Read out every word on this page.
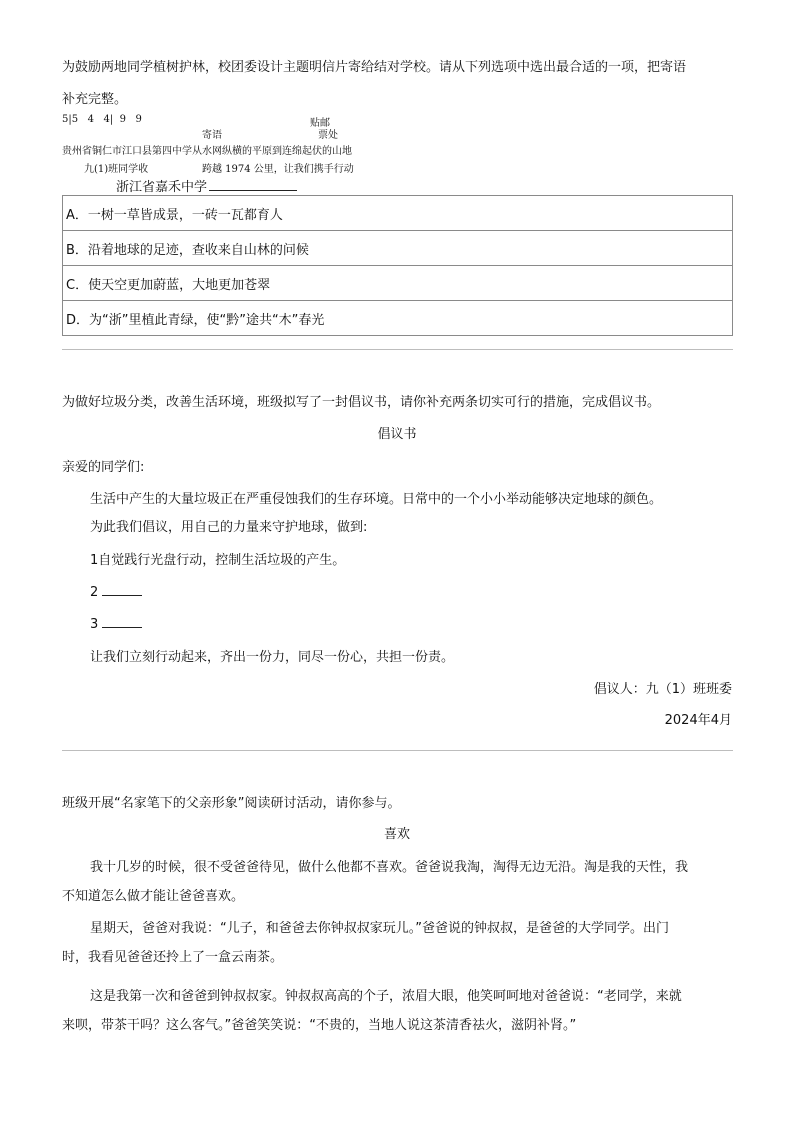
为鼓励两地同学植树护林，校团委设计主题明信片寄给结对学校。请从下列选项中选出最合适的一项，把寄语
补充完整。
5|5   4   4|  9   9	贴邮
寄语	票处
贵州省铜仁市江口县第四中学从水网纵横的平原到连绵起伏的山地
九(1)班同学收	跨越 1974 公里，让我们携手行动
浙江省嘉禾中学
A．一树一草皆成景，一砖一瓦都育人
B．沿着地球的足迹，查收来自山林的问候
C．使天空更加蔚蓝，大地更加苍翠
D．为“浙”里植此青绿，使“黔”途共“木”春光
为做好垃圾分类，改善生活环境，班级拟写了一封倡议书，请你补充两条切实可行的措施，完成倡议书。
倡议书
亲爱的同学们:
生活中产生的大量垃圾正在严重侵蚀我们的生存环境。日常中的一个小小举动能够决定地球的颜色。
为此我们倡议，用自己的力量来守护地球，做到:
1自觉践行光盘行动，控制生活垃圾的产生。
2
3
让我们立刻行动起来，齐出一份力，同尽一份心，共担一份责。
倡议人：九（1）班班委
2024年4月
班级开展“名家笔下的父亲形象”阅读研讨活动，请你参与。
喜欢
我十几岁的时候，很不受爸爸待见，做什么他都不喜欢。爸爸说我淘，淘得无边无沿。淘是我的天性，我
不知道怎么做才能让爸爸喜欢。
星期天，爸爸对我说：“儿子，和爸爸去你钟叔叔家玩儿。”爸爸说的钟叔叔，是爸爸的大学同学。出门
时，我看见爸爸还拎上了一盒云南茶。
这是我第一次和爸爸到钟叔叔家。钟叔叔高高的个子，浓眉大眼，他笑呵呵地对爸爸说：“老同学，来就
来呗，带茶干吗？这么客气。”爸爸笑笑说：“不贵的，当地人说这茶清香祛火，滋阴补肾。”
